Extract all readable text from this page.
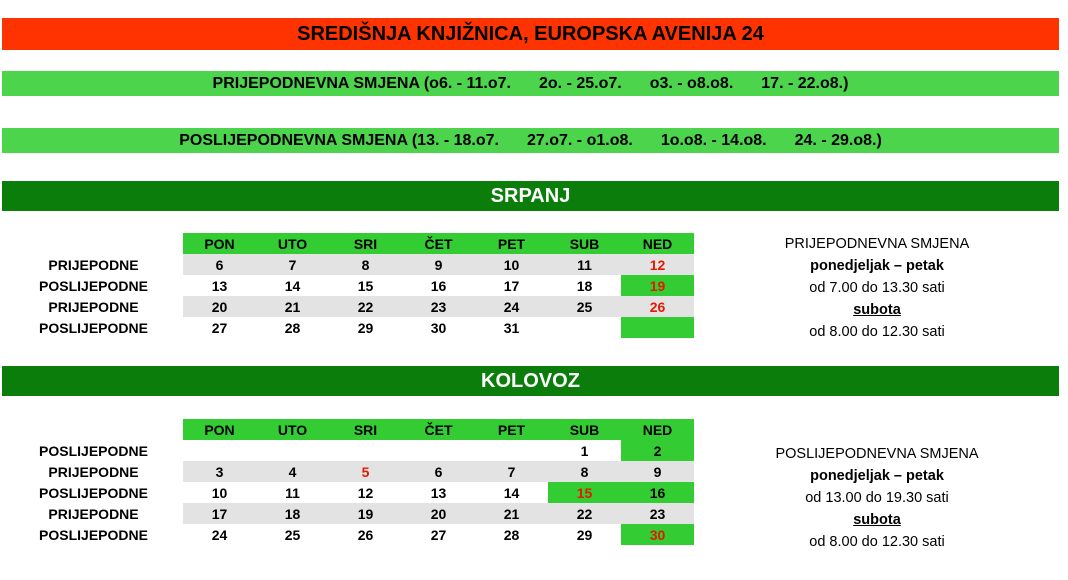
SREDIŠNJA KNJIŽNICA, EUROPSKA AVENIJA 24
PRIJEPODNEVNA SMJENA (o6. - 11.o7. 2o. - 25.o7. o3. - o8.o8. 17. - 22.o8.)
POSLIJEPODNEVNA SMJENA (13. - 18.o7. 27.o7. - o1.o8. 1o.o8. - 14.o8. 24. - 29.o8.)
SRPANJ
	PON	UTO	SRI	ČET	PET	SUB	NED
PRIJEPODNE	6	7	8	9	10	11	12
POSLIJEPODNE	13	14	15	16	17	18	19
PRIJEPODNE	20	21	22	23	24	25	26
POSLIJEPODNE	27	28	29	30	31		
PRIJEPODNEVNA SMJENA
ponedjeljak – petak
od 7.00 do 13.30 sati
subota
od 8.00 do 12.30 sati
KOLOVOZ
	PON	UTO	SRI	ČET	PET	SUB	NED
POSLIJEPODNE						1	2
PRIJEPODNE	3	4	5	6	7	8	9
POSLIJEPODNE	10	11	12	13	14	15	16
PRIJEPODNE	17	18	19	20	21	22	23
POSLIJEPODNE	24	25	26	27	28	29	30
POSLIJEPODNEVNA SMJENA
ponedjeljak – petak
od 13.00 do 19.30 sati
subota
od 8.00 do 12.30 sati
